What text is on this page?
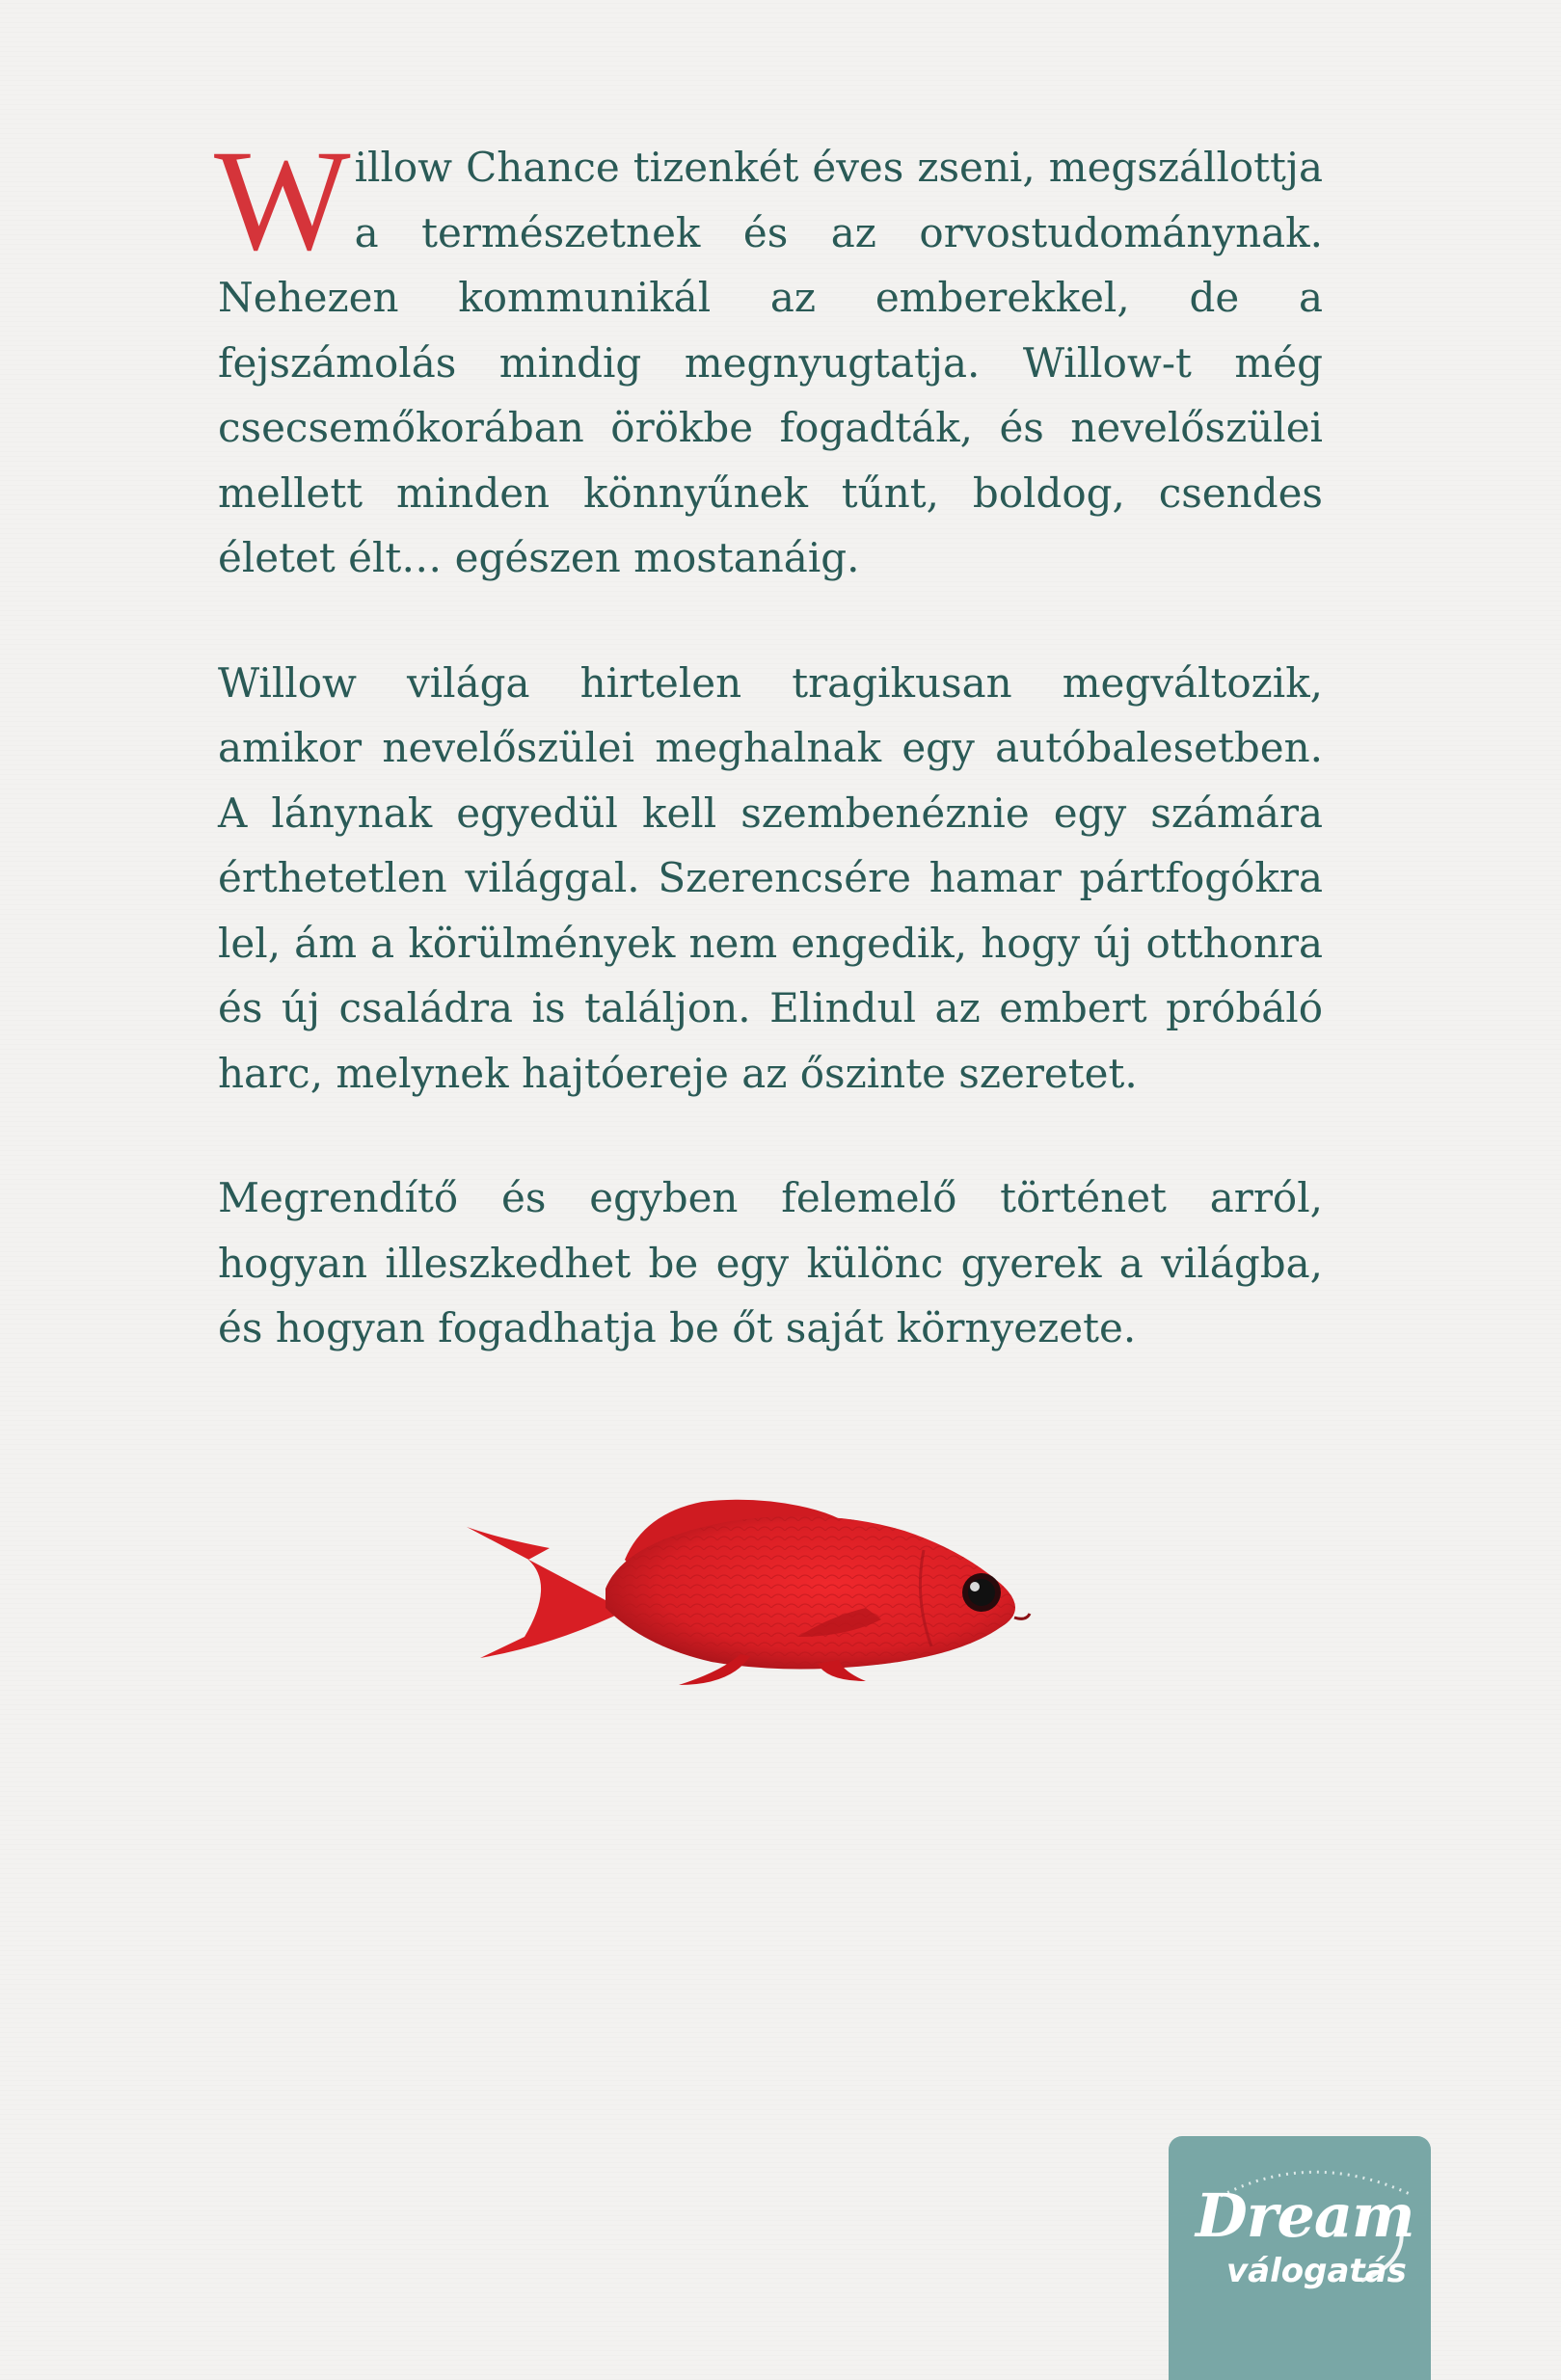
Willow Chance tizenkét éves zseni, megszállottja a természetnek és az orvostudománynak. Nehezen kommunikál az emberekkel, de a fejszámolás mindig megnyugtatja. Willow-t még csecsemőkorában örökbe fogadták, és nevelőszülei mellett minden könnyűnek tűnt, boldog, csendes életet élt… egészen mostanáig.

Willow világa hirtelen tragikusan megváltozik, amikor nevelőszülei meghalnak egy autóbalesetben. A lánynak egyedül kell szembenéznie egy számára érthetetlen világgal. Szerencsére hamar pártfogókra lel, ám a körülmények nem engedik, hogy új otthonra és új családra is találjon. Elindul az embert próbáló harc, melynek hajtóereje az őszinte szeretet.

Megrendítő és egyben felemelő történet arról, hogyan illeszkedhet be egy különc gyerek a világba, és hogyan fogadhatja be őt saját környezete.

Dream
válogatás
